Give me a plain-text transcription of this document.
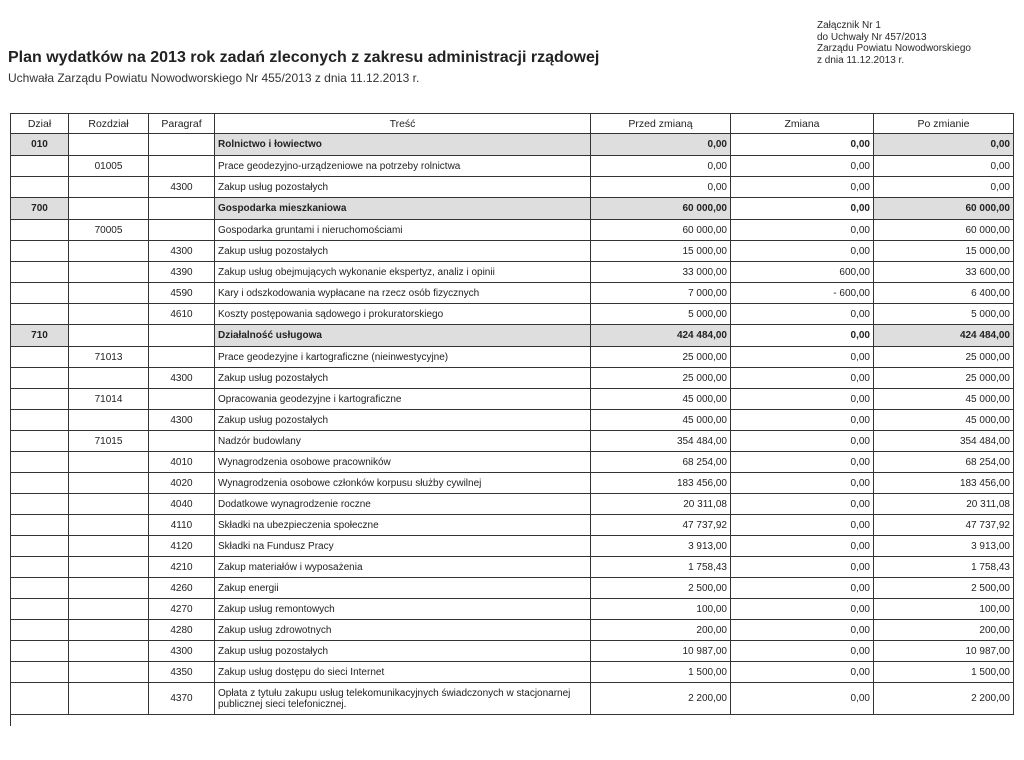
Załącznik Nr 1
do Uchwały Nr 457/2013
Zarządu Powiatu Nowodworskiego
z dnia 11.12.2013 r.
Plan wydatków na 2013 rok zadań zleconych z zakresu administracji rządowej
Uchwała Zarządu Powiatu Nowodworskiego Nr 455/2013 z dnia 11.12.2013 r.
Dział	Rozdział	Paragraf	Treść	Przed zmianą	Zmiana	Po zmianie
010			Rolnictwo i łowiectwo	0,00	0,00	0,00
	01005		Prace geodezyjno-urządzeniowe na potrzeby rolnictwa	0,00	0,00	0,00
		4300	Zakup usług pozostałych	0,00	0,00	0,00
700			Gospodarka mieszkaniowa	60 000,00	0,00	60 000,00
	70005		Gospodarka gruntami i nieruchomościami	60 000,00	0,00	60 000,00
		4300	Zakup usług pozostałych	15 000,00	0,00	15 000,00
		4390	Zakup usług obejmujących wykonanie ekspertyz, analiz i opinii	33 000,00	600,00	33 600,00
		4590	Kary i odszkodowania wypłacane na rzecz osób fizycznych	7 000,00	- 600,00	6 400,00
		4610	Koszty postępowania sądowego i prokuratorskiego	5 000,00	0,00	5 000,00
710			Działalność usługowa	424 484,00	0,00	424 484,00
	71013		Prace geodezyjne i kartograficzne (nieinwestycyjne)	25 000,00	0,00	25 000,00
		4300	Zakup usług pozostałych	25 000,00	0,00	25 000,00
	71014		Opracowania geodezyjne i kartograficzne	45 000,00	0,00	45 000,00
		4300	Zakup usług pozostałych	45 000,00	0,00	45 000,00
	71015		Nadzór budowlany	354 484,00	0,00	354 484,00
		4010	Wynagrodzenia osobowe pracowników	68 254,00	0,00	68 254,00
		4020	Wynagrodzenia osobowe członków korpusu służby cywilnej	183 456,00	0,00	183 456,00
		4040	Dodatkowe wynagrodzenie roczne	20 311,08	0,00	20 311,08
		4110	Składki na ubezpieczenia społeczne	47 737,92	0,00	47 737,92
		4120	Składki na Fundusz Pracy	3 913,00	0,00	3 913,00
		4210	Zakup materiałów i wyposażenia	1 758,43	0,00	1 758,43
		4260	Zakup energii	2 500,00	0,00	2 500,00
		4270	Zakup usług remontowych	100,00	0,00	100,00
		4280	Zakup usług zdrowotnych	200,00	0,00	200,00
		4300	Zakup usług pozostałych	10 987,00	0,00	10 987,00
		4350	Zakup usług dostępu do sieci Internet	1 500,00	0,00	1 500,00
		4370	Opłata z tytułu zakupu usług telekomunikacyjnych świadczonych w stacjonarnej publicznej sieci telefonicznej.	2 200,00	0,00	2 200,00
